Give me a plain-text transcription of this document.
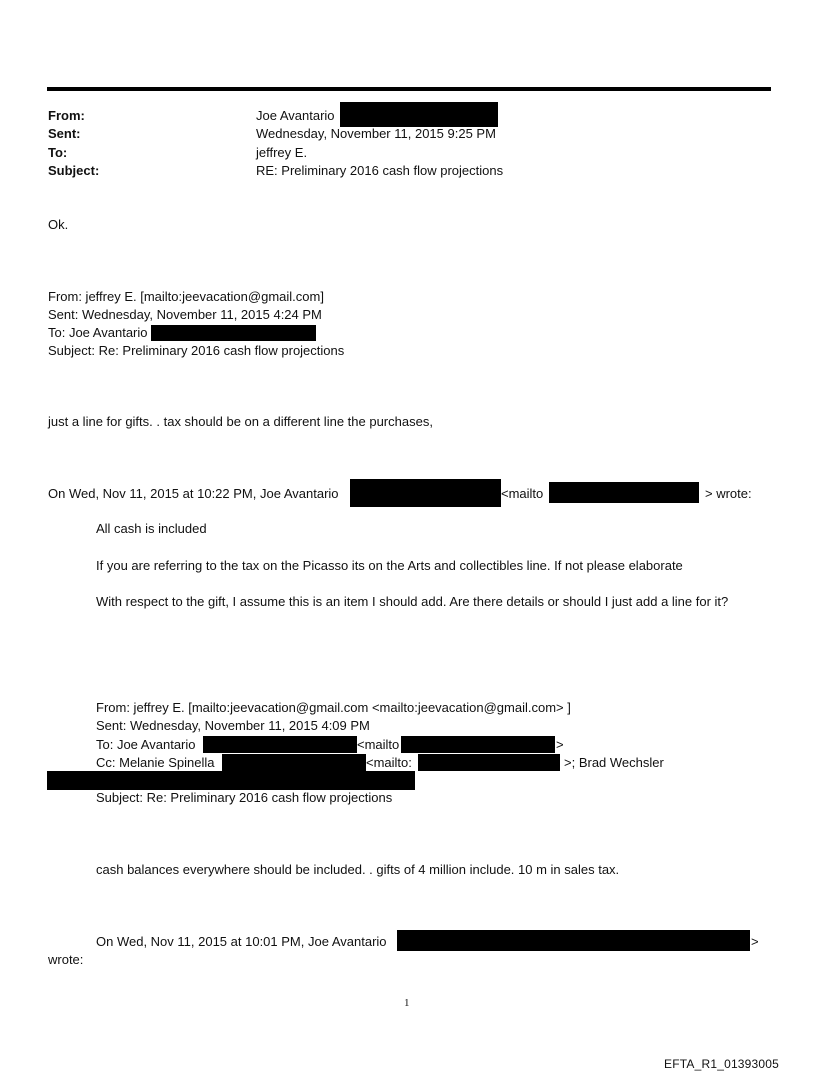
From:	Joe Avantario
Sent:	Wednesday, November 11, 2015 9:25 PM
To:	jeffrey E.
Subject:	RE: Preliminary 2016 cash flow projections
Ok.
From: jeffrey E. [mailto:jeevacation@gmail.com]
Sent: Wednesday, November 11, 2015 4:24 PM
To: Joe Avantario
Subject: Re: Preliminary 2016 cash flow projections
just a line for gifts. . tax should be on a different line the purchases,
On Wed, Nov 11, 2015 at 10:22 PM, Joe Avantario	<mailto	> wrote:
All cash is included
If you are referring to the tax on the Picasso its on the Arts and collectibles line. If not please elaborate
With respect to the gift, I assume this is an item I should add. Are there details or should I just add a line for it?
From: jeffrey E. [mailto:jeevacation@gmail.com <mailto:jeevacation@gmail.com> ]
Sent: Wednesday, November 11, 2015 4:09 PM
To: Joe Avantario	<mailto	>
Cc: Melanie Spinella	<mailto:	>; Brad Wechsler
Subject: Re: Preliminary 2016 cash flow projections
cash balances everywhere should be included. . gifts of 4 million include. 10 m in sales tax.
On Wed, Nov 11, 2015 at 10:01 PM, Joe Avantario	>
wrote:
1
EFTA_R1_01393005
